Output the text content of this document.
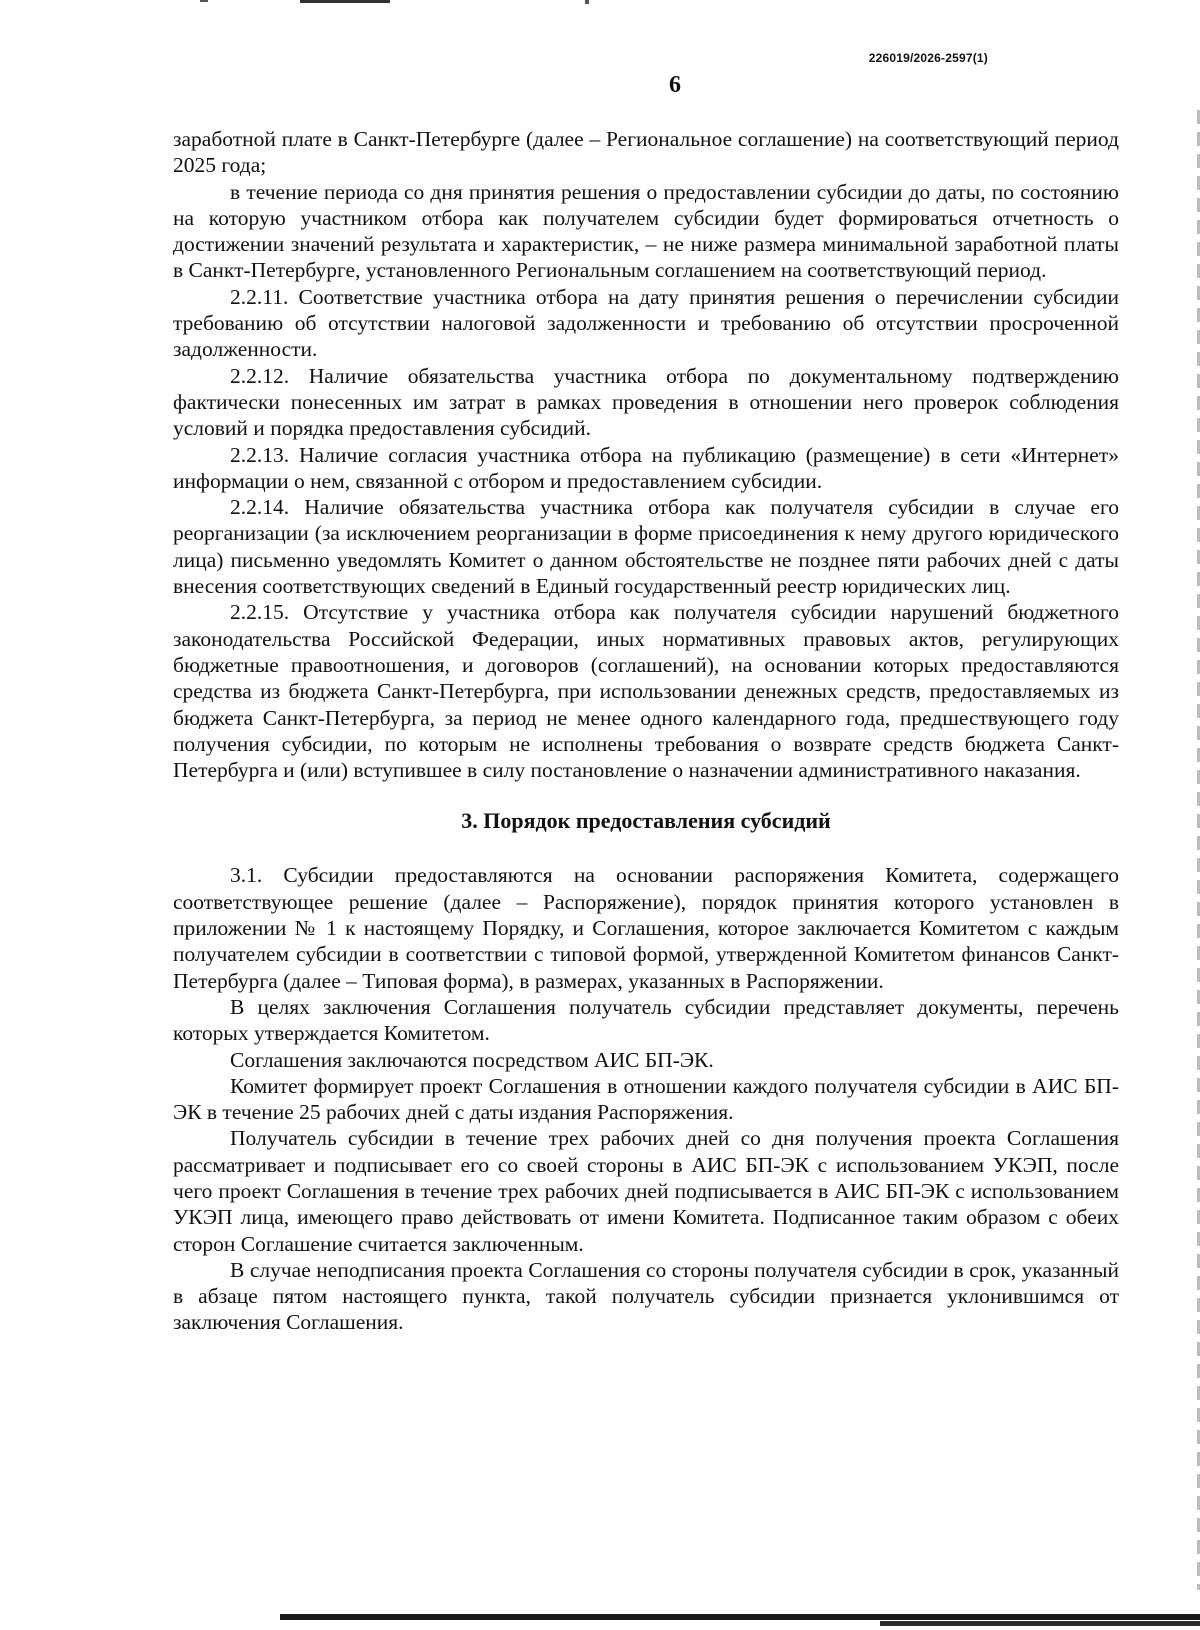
226019/2026-2597(1)
6

заработной плате в Санкт-Петербурге (далее – Региональное соглашение) на соответствующий период 2025 года;

в течение периода со дня принятия решения о предоставлении субсидии до даты, по состоянию на которую участником отбора как получателем субсидии будет формироваться отчетность о достижении значений результата и характеристик, – не ниже размера минимальной заработной платы в Санкт-Петербурге, установленного Региональным соглашением на соответствующий период.

2.2.11. Соответствие участника отбора на дату принятия решения о перечислении субсидии требованию об отсутствии налоговой задолженности и требованию об отсутствии просроченной задолженности.

2.2.12. Наличие обязательства участника отбора по документальному подтверждению фактически понесенных им затрат в рамках проведения в отношении него проверок соблюдения условий и порядка предоставления субсидий.

2.2.13. Наличие согласия участника отбора на публикацию (размещение) в сети «Интернет» информации о нем, связанной с отбором и предоставлением субсидии.

2.2.14. Наличие обязательства участника отбора как получателя субсидии в случае его реорганизации (за исключением реорганизации в форме присоединения к нему другого юридического лица) письменно уведомлять Комитет о данном обстоятельстве не позднее пяти рабочих дней с даты внесения соответствующих сведений в Единый государственный реестр юридических лиц.

2.2.15. Отсутствие у участника отбора как получателя субсидии нарушений бюджетного законодательства Российской Федерации, иных нормативных правовых актов, регулирующих бюджетные правоотношения, и договоров (соглашений), на основании которых предоставляются средства из бюджета Санкт-Петербурга, при использовании денежных средств, предоставляемых из бюджета Санкт-Петербурга, за период не менее одного календарного года, предшествующего году получения субсидии, по которым не исполнены требования о возврате средств бюджета Санкт-Петербурга и (или) вступившее в силу постановление о назначении административного наказания.

3. Порядок предоставления субсидий

3.1. Субсидии предоставляются на основании распоряжения Комитета, содержащего соответствующее решение (далее – Распоряжение), порядок принятия которого установлен в приложении № 1 к настоящему Порядку, и Соглашения, которое заключается Комитетом с каждым получателем субсидии в соответствии с типовой формой, утвержденной Комитетом финансов Санкт-Петербурга (далее – Типовая форма), в размерах, указанных в Распоряжении.

В целях заключения Соглашения получатель субсидии представляет документы, перечень которых утверждается Комитетом.

Соглашения заключаются посредством АИС БП-ЭК.

Комитет формирует проект Соглашения в отношении каждого получателя субсидии в АИС БП-ЭК в течение 25 рабочих дней с даты издания Распоряжения.

Получатель субсидии в течение трех рабочих дней со дня получения проекта Соглашения рассматривает и подписывает его со своей стороны в АИС БП-ЭК с использованием УКЭП, после чего проект Соглашения в течение трех рабочих дней подписывается в АИС БП-ЭК с использованием УКЭП лица, имеющего право действовать от имени Комитета. Подписанное таким образом с обеих сторон Соглашение считается заключенным.

В случае неподписания проекта Соглашения со стороны получателя субсидии в срок, указанный в абзаце пятом настоящего пункта, такой получатель субсидии признается уклонившимся от заключения Соглашения.
